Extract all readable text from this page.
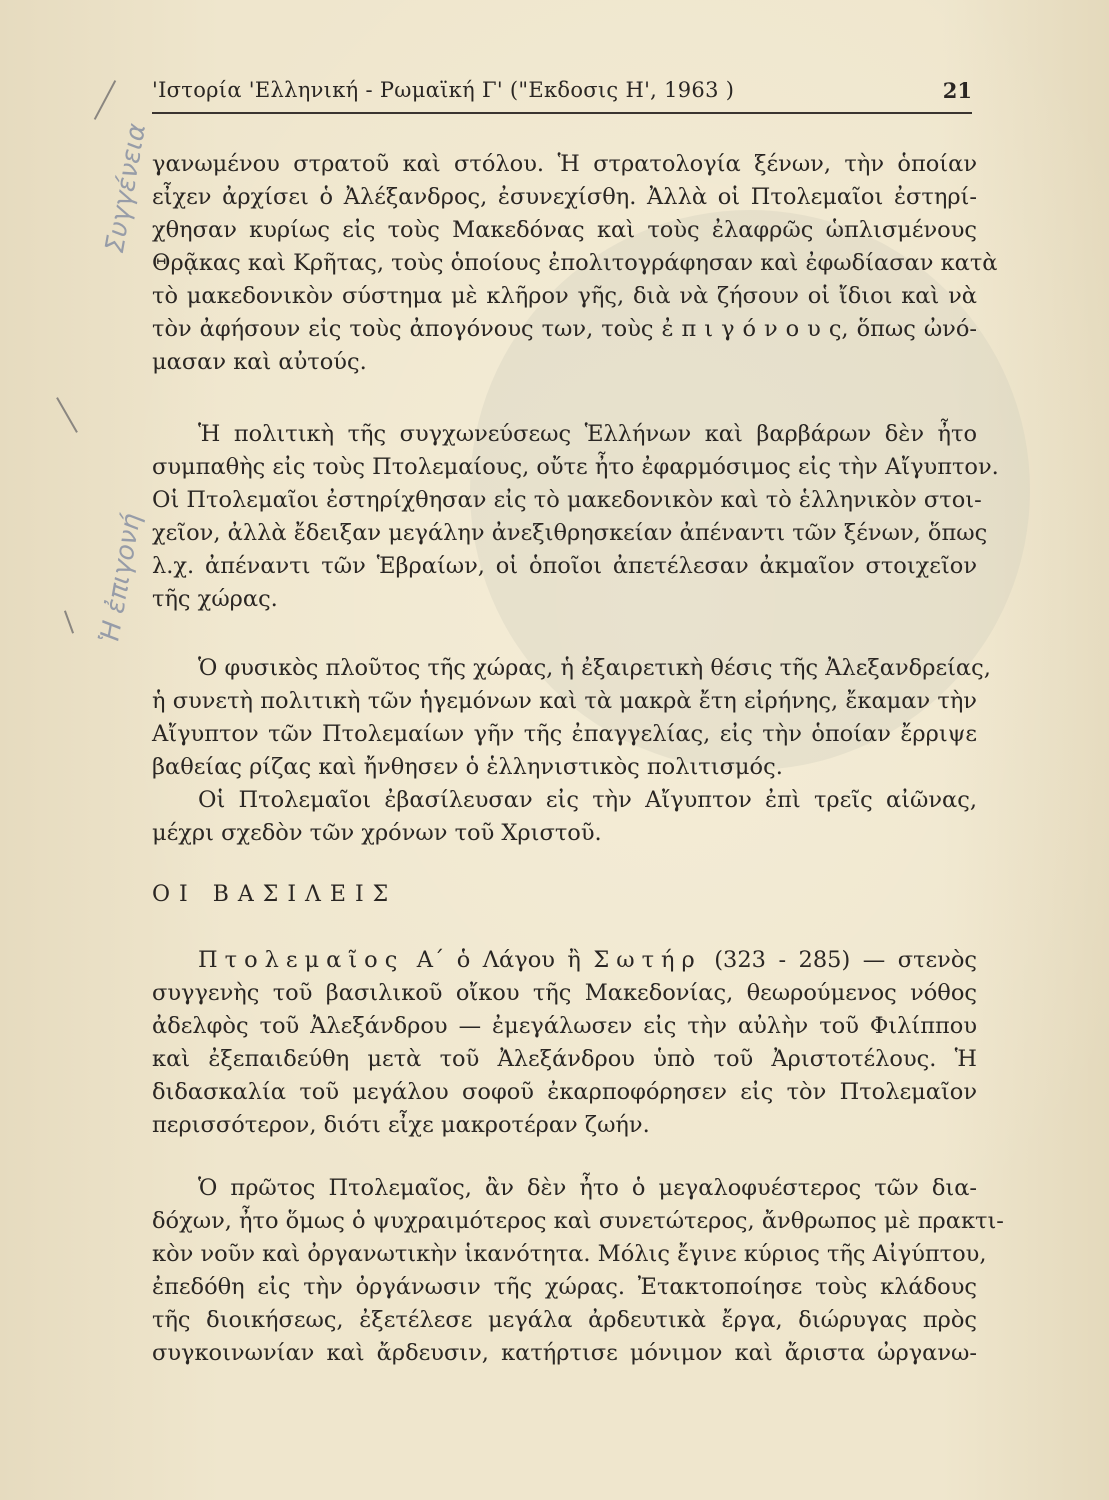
Συγγένεια
Ἡ ἐπιγονή
'Ιστορία 'Ελληνική - Ρωμαϊκή Γ' ("Εκδοσις Η', 1963 )	21
γανωμένου στρατοῦ καὶ στόλου. Ἡ στρατολογία ξένων, τὴν ὁποίαν
εἶχεν ἀρχίσει ὁ Ἀλέξανδρος, ἐσυνεχίσθη. Ἀλλὰ οἱ Πτολεμαῖοι ἐστηρί-
χθησαν κυρίως εἰς τοὺς Μακεδόνας καὶ τοὺς ἐλαφρῶς ὡπλισμένους
Θρᾷκας καὶ Κρῆτας, τοὺς ὁποίους ἐπολιτογράφησαν καὶ ἐφωδίασαν κατὰ
τὸ μακεδονικὸν σύστημα μὲ κλῆρον γῆς, διὰ νὰ ζήσουν οἱ ἴδιοι καὶ νὰ
τὸν ἀφήσουν εἰς τοὺς ἀπογόνους των, τοὺς ἐ π ι γ ό ν ο υ ς, ὅπως ὠνό-
μασαν καὶ αὐτούς.
Ἡ πολιτικὴ τῆς συγχωνεύσεως Ἑλλήνων καὶ βαρβάρων δὲν ἦτο
συμπαθὴς εἰς τοὺς Πτολεμαίους, οὔτε ἦτο ἐφαρμόσιμος εἰς τὴν Αἴγυπτον.
Οἱ Πτολεμαῖοι ἐστηρίχθησαν εἰς τὸ μακεδονικὸν καὶ τὸ ἑλληνικὸν στοι-
χεῖον, ἀλλὰ ἔδειξαν μεγάλην ἀνεξιθρησκείαν ἀπέναντι τῶν ξένων, ὅπως
λ.χ. ἀπέναντι τῶν Ἑβραίων, οἱ ὁποῖοι ἀπετέλεσαν ἀκμαῖον στοιχεῖον
τῆς χώρας.
Ὁ φυσικὸς πλοῦτος τῆς χώρας, ἡ ἐξαιρετικὴ θέσις τῆς Ἀλεξανδρείας,
ἡ συνετὴ πολιτικὴ τῶν ἡγεμόνων καὶ τὰ μακρὰ ἔτη εἰρήνης, ἔκαμαν τὴν
Αἴγυπτον τῶν Πτολεμαίων γῆν τῆς ἐπαγγελίας, εἰς τὴν ὁποίαν ἔρριψε
βαθείας ρίζας καὶ ἤνθησεν ὁ ἑλληνιστικὸς πολιτισμός.
Οἱ Πτολεμαῖοι ἐβασίλευσαν εἰς τὴν Αἴγυπτον ἐπὶ τρεῖς αἰῶνας,
μέχρι σχεδὸν τῶν χρόνων τοῦ Χριστοῦ.
ΟΙ ΒΑΣΙΛΕΙΣ
Πτολεμαῖος Α΄ ὁ Λάγου ἢ Σωτήρ (323 - 285) — στενὸς
συγγενὴς τοῦ βασιλικοῦ οἴκου τῆς Μακεδονίας, θεωρούμενος νόθος
ἀδελφὸς τοῦ Ἀλεξάνδρου — ἐμεγάλωσεν εἰς τὴν αὐλὴν τοῦ Φιλίππου
καὶ ἐξεπαιδεύθη μετὰ τοῦ Ἀλεξάνδρου ὑπὸ τοῦ Ἀριστοτέλους. Ἡ
διδασκαλία τοῦ μεγάλου σοφοῦ ἐκαρποφόρησεν εἰς τὸν Πτολεμαῖον
περισσότερον, διότι εἶχε μακροτέραν ζωήν.
Ὁ πρῶτος Πτολεμαῖος, ἂν δὲν ἦτο ὁ μεγαλοφυέστερος τῶν δια-
δόχων, ἦτο ὅμως ὁ ψυχραιμότερος καὶ συνετώτερος, ἄνθρωπος μὲ πρακτι-
κὸν νοῦν καὶ ὀργανωτικὴν ἱκανότητα. Μόλις ἔγινε κύριος τῆς Αἰγύπτου,
ἐπεδόθη εἰς τὴν ὀργάνωσιν τῆς χώρας. Ἐτακτοποίησε τοὺς κλάδους
τῆς διοικήσεως, ἐξετέλεσε μεγάλα ἀρδευτικὰ ἔργα, διώρυγας πρὸς
συγκοινωνίαν καὶ ἄρδευσιν, κατήρτισε μόνιμον καὶ ἄριστα ὠργανω-
